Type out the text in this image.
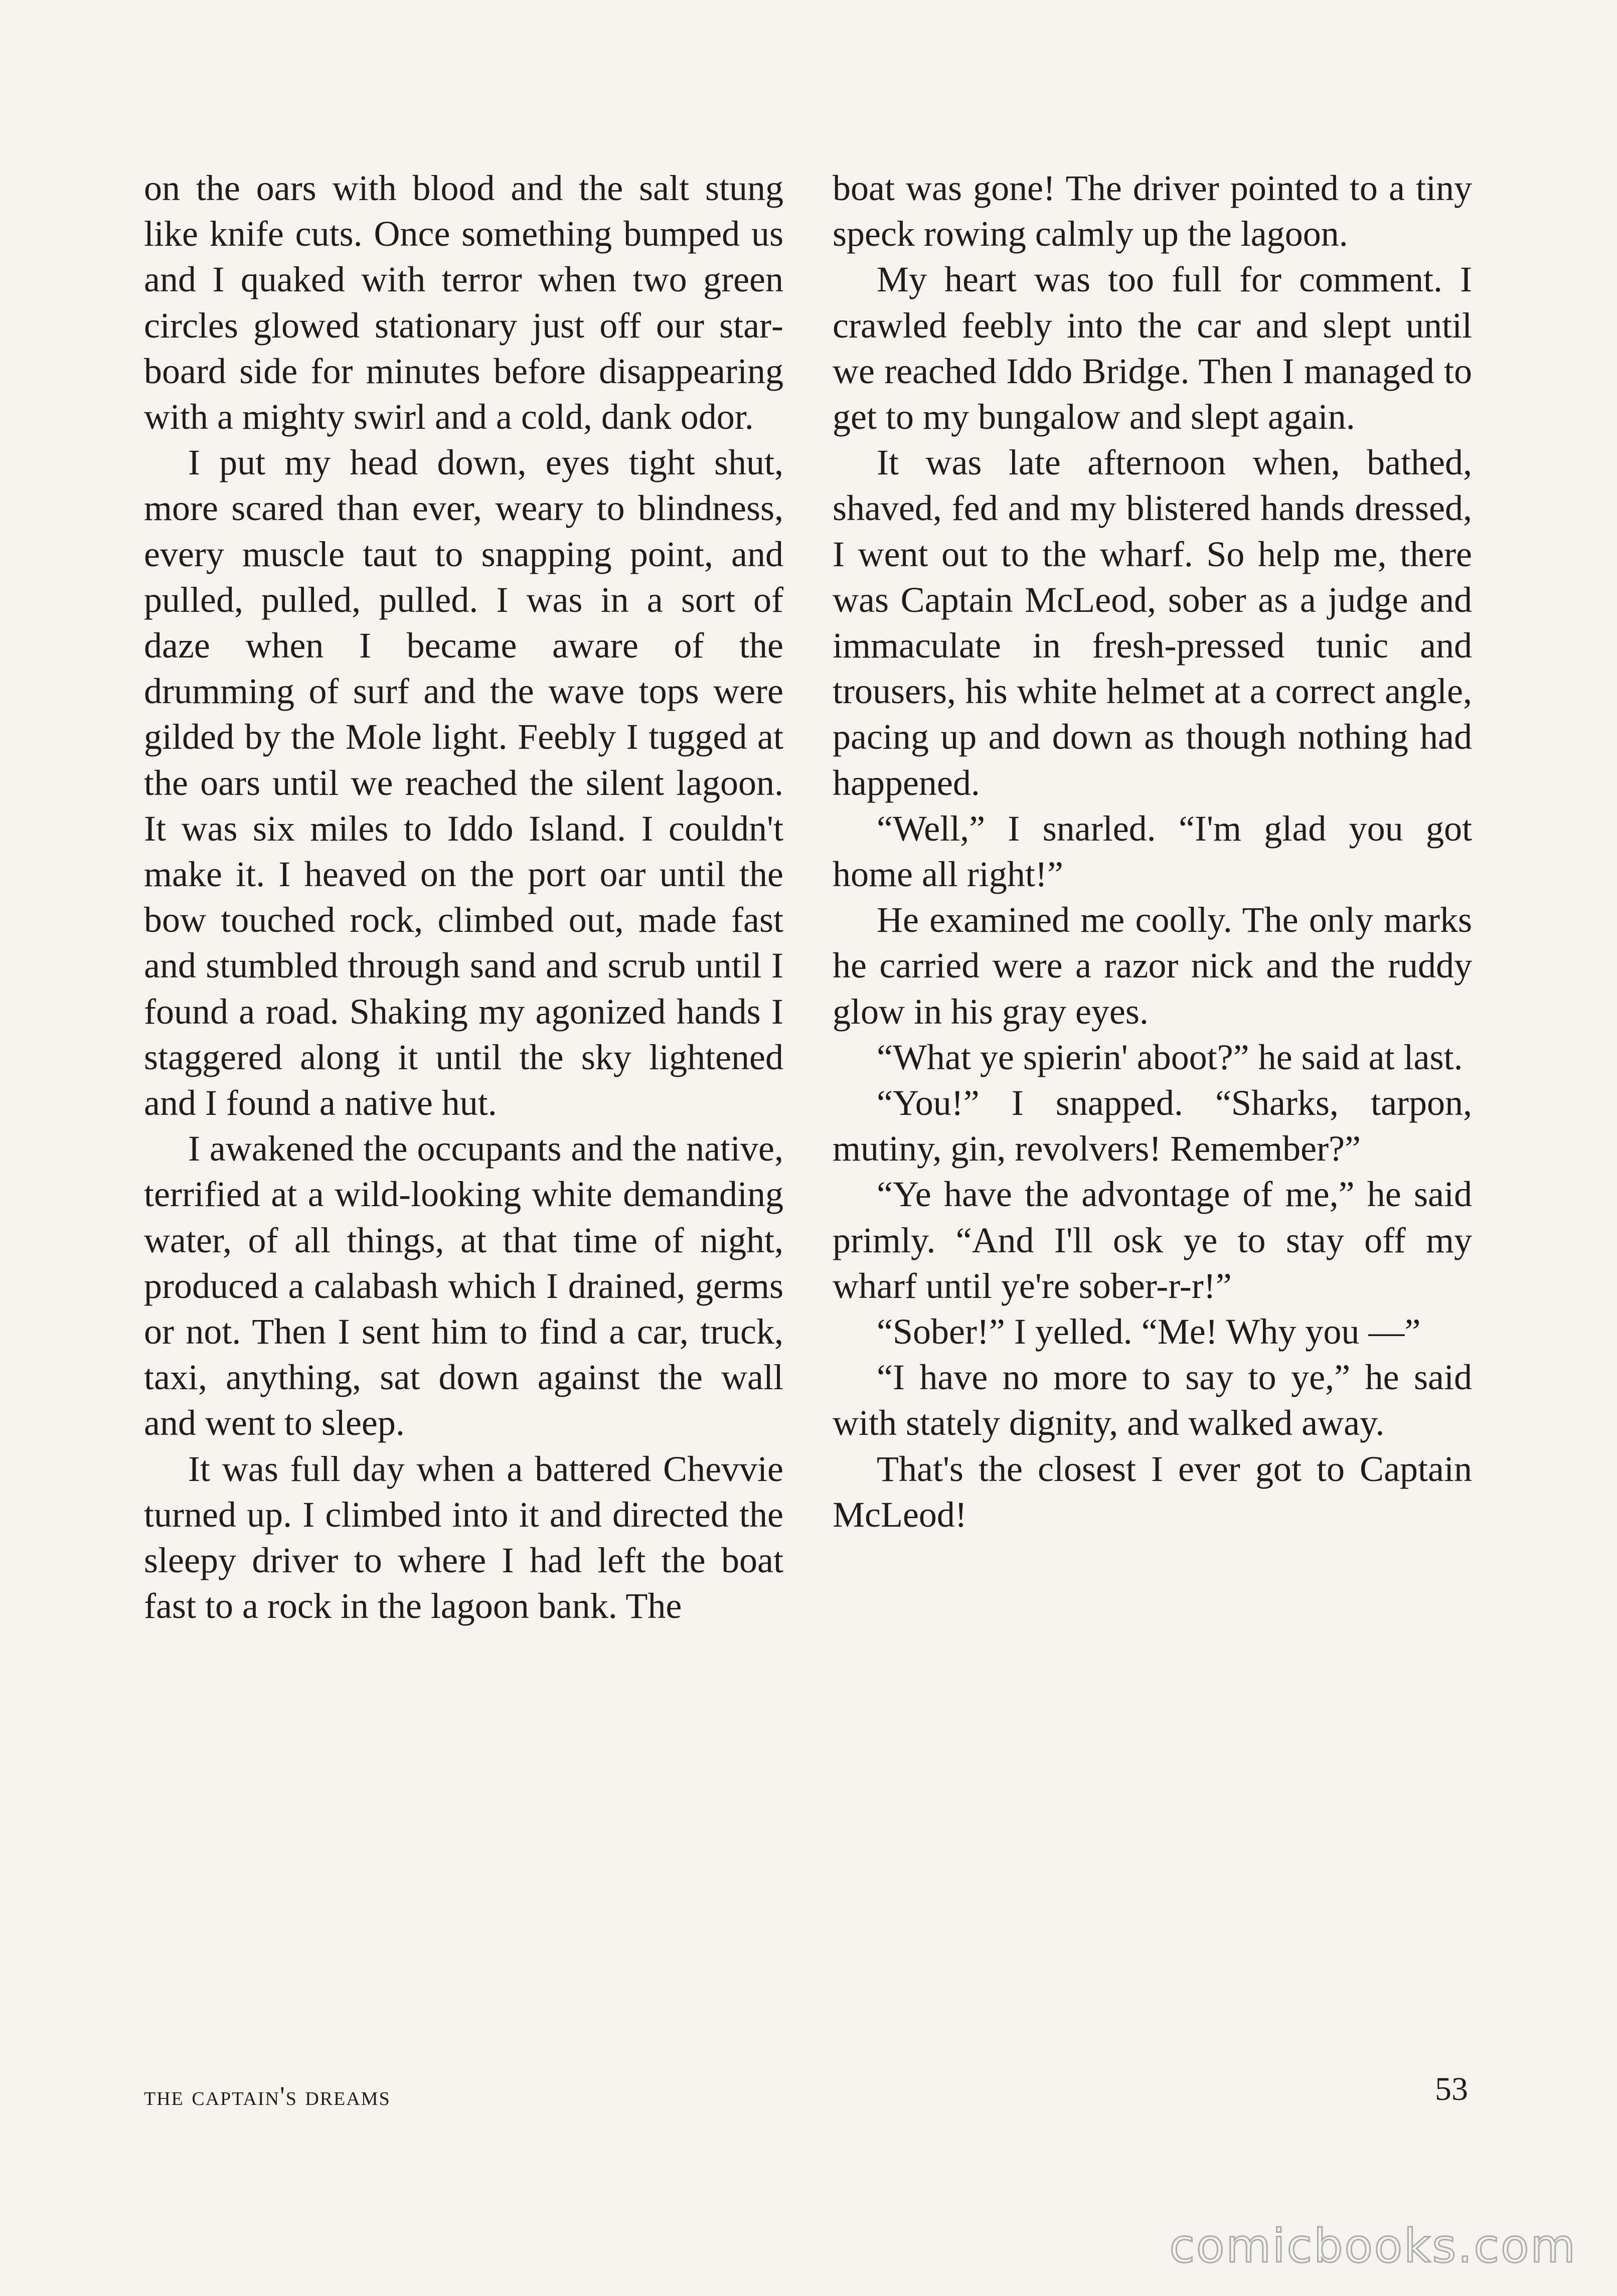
on the oars with blood and the salt stung like knife cuts. Once something bumped us and I quaked with terror when two green circles glowed stationary just off our starboard side for minutes before disappearing with a mighty swirl and a cold, dank odor.

I put my head down, eyes tight shut, more scared than ever, weary to blindness, every muscle taut to snapping point, and pulled, pulled, pulled. I was in a sort of daze when I became aware of the drumming of surf and the wave tops were gilded by the Mole light. Feebly I tugged at the oars until we reached the silent lagoon. It was six miles to Iddo Island. I couldn't make it. I heaved on the port oar until the bow touched rock, climbed out, made fast and stumbled through sand and scrub until I found a road. Shaking my agonized hands I staggered along it until the sky lightened and I found a native hut.

I awakened the occupants and the native, terrified at a wild-looking white demanding water, of all things, at that time of night, produced a calabash which I drained, germs or not. Then I sent him to find a car, truck, taxi, anything, sat down against the wall and went to sleep.

It was full day when a battered Chevvie turned up. I climbed into it and directed the sleepy driver to where I had left the boat fast to a rock in the lagoon bank. The

boat was gone! The driver pointed to a tiny speck rowing calmly up the lagoon.

My heart was too full for comment. I crawled feebly into the car and slept until we reached Iddo Bridge. Then I managed to get to my bungalow and slept again.

It was late afternoon when, bathed, shaved, fed and my blistered hands dressed, I went out to the wharf. So help me, there was Captain McLeod, sober as a judge and immaculate in fresh-pressed tunic and trousers, his white helmet at a correct angle, pacing up and down as though nothing had happened.

“Well,” I snarled. “I'm glad you got home all right!”

He examined me coolly. The only marks he carried were a razor nick and the ruddy glow in his gray eyes.

“What ye spierin' aboot?” he said at last.

“You!” I snapped. “Sharks, tarpon, mutiny, gin, revolvers! Remember?”

“Ye have the advontage of me,” he said primly. “And I'll osk ye to stay off my wharf until ye're sober-r-r!”

“Sober!” I yelled. “Me! Why you —”

“I have no more to say to ye,” he said with stately dignity, and walked away.

That's the closest I ever got to Captain McLeod!

the captain's dreams	53
comicbooks.com
